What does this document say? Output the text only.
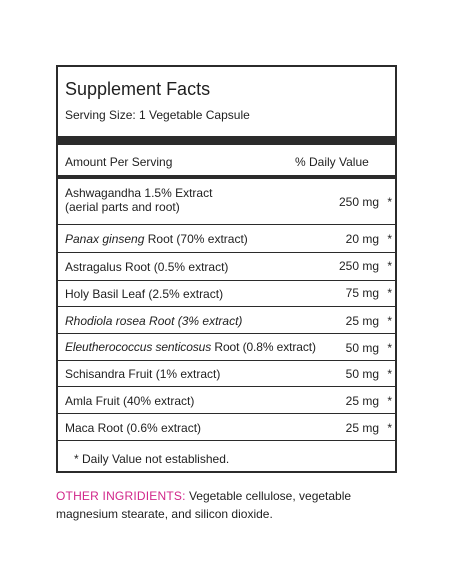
Supplement Facts
Serving Size: 1 Vegetable Capsule
Amount Per Serving	% Daily Value
Ashwagandha 1.5% Extract
(aerial parts and root)	250 mg *
Panax ginseng Root (70% extract)	20 mg *
Astragalus Root (0.5% extract)	250 mg *
Holy Basil Leaf (2.5% extract)	75 mg *
Rhodiola rosea Root (3% extract)	25 mg *
Eleutherococcus senticosus Root (0.8% extract) 50 mg *
Schisandra Fruit (1% extract)	50 mg *
Amla Fruit (40% extract)	25 mg *
Maca Root (0.6% extract)	25 mg *
* Daily Value not established.
OTHER INGRIDIENTS: Vegetable cellulose, vegetable magnesium stearate, and silicon dioxide.
